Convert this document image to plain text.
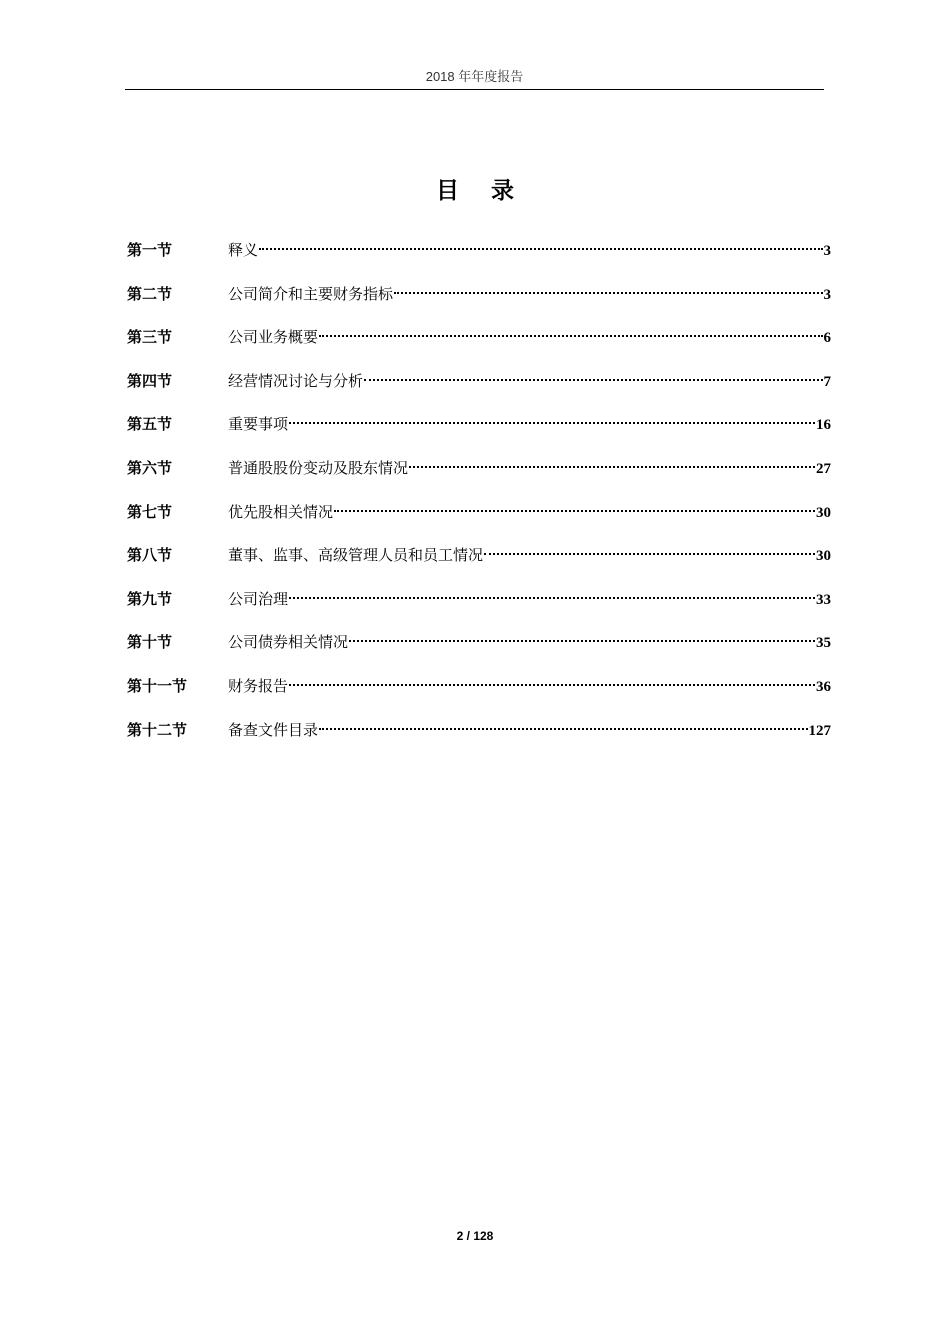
2018 年年度报告
目 录
第一节	释义	3
第二节	公司简介和主要财务指标	3
第三节	公司业务概要	6
第四节	经营情况讨论与分析	7
第五节	重要事项	16
第六节	普通股股份变动及股东情况	27
第七节	优先股相关情况	30
第八节	董事、监事、高级管理人员和员工情况	30
第九节	公司治理	33
第十节	公司债券相关情况	35
第十一节	财务报告	36
第十二节	备查文件目录	127
2 / 128
